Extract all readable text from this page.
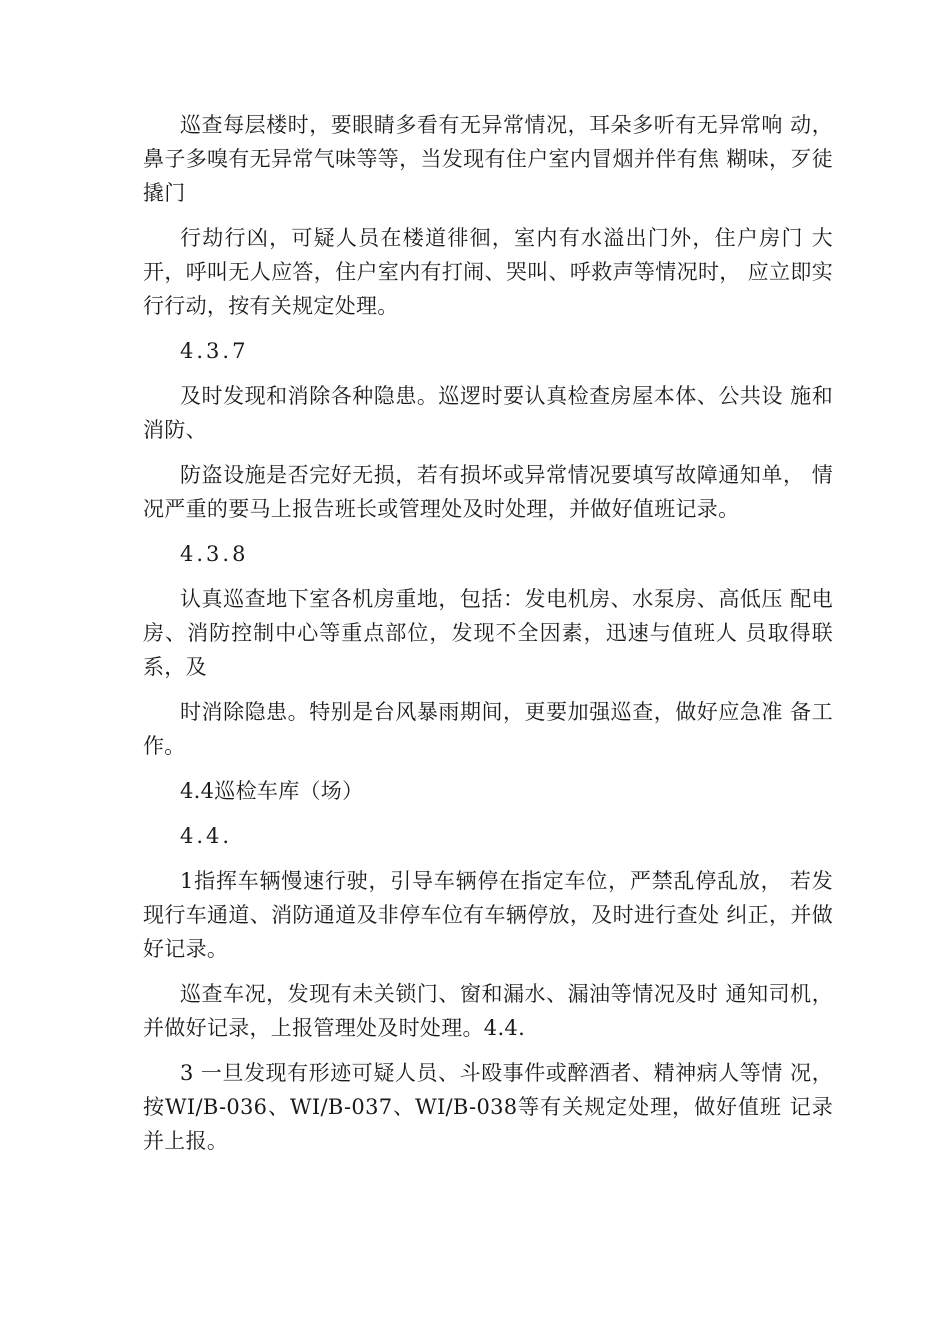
巡查每层楼时，要眼睛多看有无异常情况，耳朵多听有无异常响 动，鼻子多嗅有无异常气味等等，当发现有住户室内冒烟并伴有焦 糊味，歹徒撬门

行劫行凶，可疑人员在楼道徘徊，室内有水溢出门外，住户房门 大开，呼叫无人应答，住户室内有打闹、哭叫、呼救声等情况时， 应立即实行行动，按有关规定处理。

4.3.7

及时发现和消除各种隐患。巡逻时要认真检查房屋本体、公共设 施和消防、

防盗设施是否完好无损，若有损坏或异常情况要填写故障通知单， 情况严重的要马上报告班长或管理处及时处理，并做好值班记录。

4.3.8

认真巡查地下室各机房重地，包括：发电机房、水泵房、高低压 配电房、消防控制中心等重点部位，发现不全因素，迅速与值班人 员取得联系，及

时消除隐患。特别是台风暴雨期间，更要加强巡查，做好应急准 备工作。

4.4巡检车库（场）

4.4.

1指挥车辆慢速行驶，引导车辆停在指定车位，严禁乱停乱放， 若发现行车通道、消防通道及非停车位有车辆停放，及时进行查处 纠正，并做好记录。

巡查车况，发现有未关锁门、窗和漏水、漏油等情况及时 通知司机，并做好记录，上报管理处及时处理。4.4.

3 一旦发现有形迹可疑人员、斗殴事件或醉酒者、精神病人等情 况，按WI/B-036、WI/B-037、WI/B-038等有关规定处理，做好值班 记录并上报。
